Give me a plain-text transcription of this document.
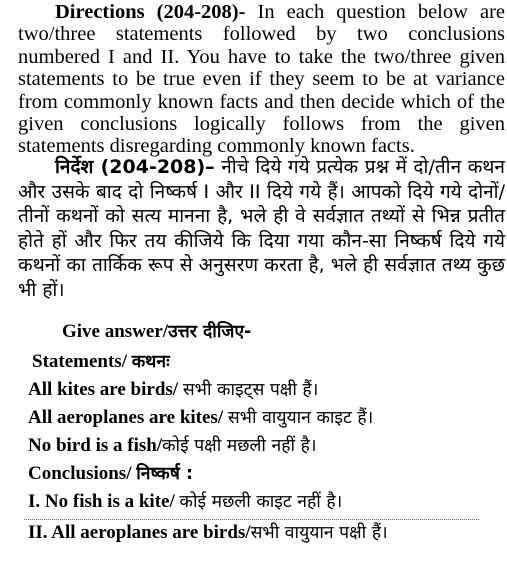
Directions (204-208)- In each question below are two/three statements followed by two conclusions numbered I and II. You have to take the two/three given statements to be true even if they seem to be at variance from commonly known facts and then decide which of the given conclusions logically follows from the given statements disregarding commonly known facts.
निर्देश (204-208)– नीचे दिये गये प्रत्येक प्रश्न में दो/तीन कथन और उसके बाद दो निष्कर्ष I और II दिये गये हैं। आपको दिये गये दोनों/तीनों कथनों को सत्य मानना है, भले ही वे सर्वज्ञात तथ्यों से भिन्न प्रतीत होते हों और फिर तय कीजिये कि दिया गया कौन-सा निष्कर्ष दिये गये कथनों का तार्किक रूप से अनुसरण करता है, भले ही सर्वज्ञात तथ्य कुछ भी हों।
Give answer/उत्तर दीजिए-
Statements/ कथनः
All kites are birds/ सभी काइट्स पक्षी हैं।
All aeroplanes are kites/ सभी वायुयान काइट हैं।
No bird is a fish/कोई पक्षी मछली नहीं है।
Conclusions/ निष्कर्ष :
I. No fish is a kite/ कोई मछली काइट नहीं है।
II. All aeroplanes are birds/सभी वायुयान पक्षी हैं।
